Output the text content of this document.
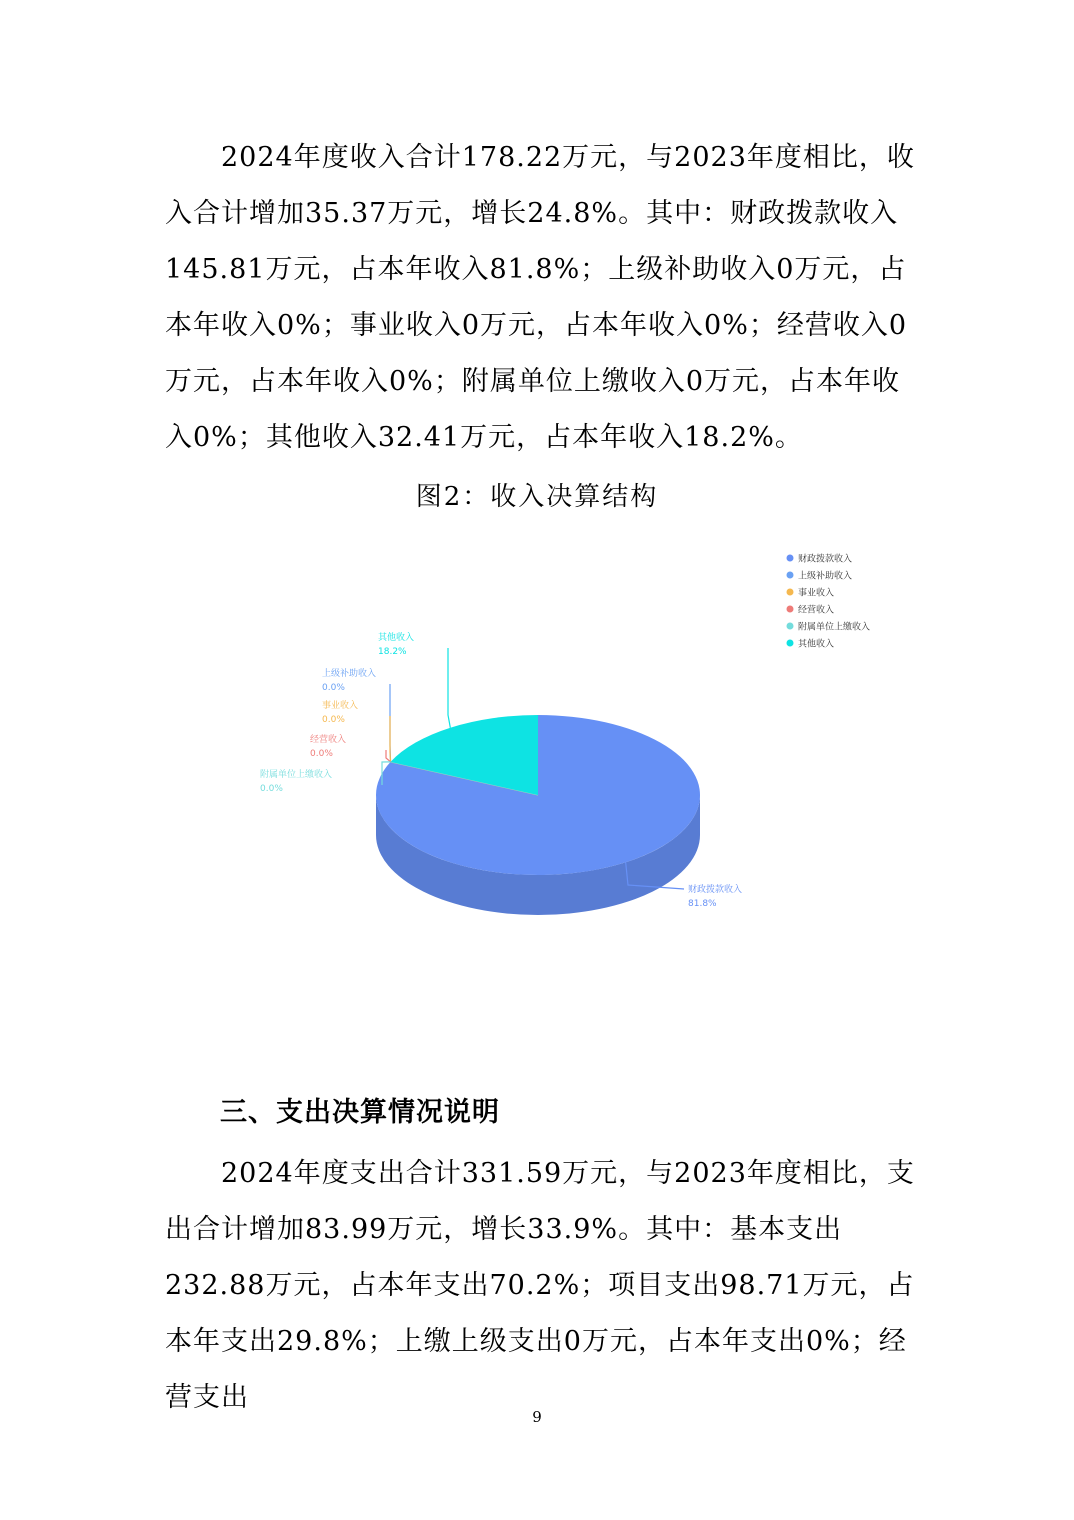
2024年度收入合计178.22万元，与2023年度相比，收入合计增加35.37万元，增长24.8%。其中：财政拨款收入145.81万元，占本年收入81.8%；上级补助收入0万元，占本年收入0%；事业收入0万元，占本年收入0%；经营收入0万元，占本年收入0%；附属单位上缴收入0万元，占本年收入0%；其他收入32.41万元，占本年收入18.2%。

图2：收入决算结构
财政拨款收入
上级补助收入
事业收入
经营收入
附属单位上缴收入
其他收入
财政拨款收入
81.8%
上级补助收入
0.0%
事业收入
0.0%
经营收入
0.0%
附属单位上缴收入
0.0%
其他收入
18.2%
三、支出决算情况说明

2024年度支出合计331.59万元，与2023年度相比，支出合计增加83.99万元，增长33.9%。其中：基本支出232.88万元，占本年支出70.2%；项目支出98.71万元，占本年支出29.8%；上缴上级支出0万元，占本年支出0%；经营支出

9
